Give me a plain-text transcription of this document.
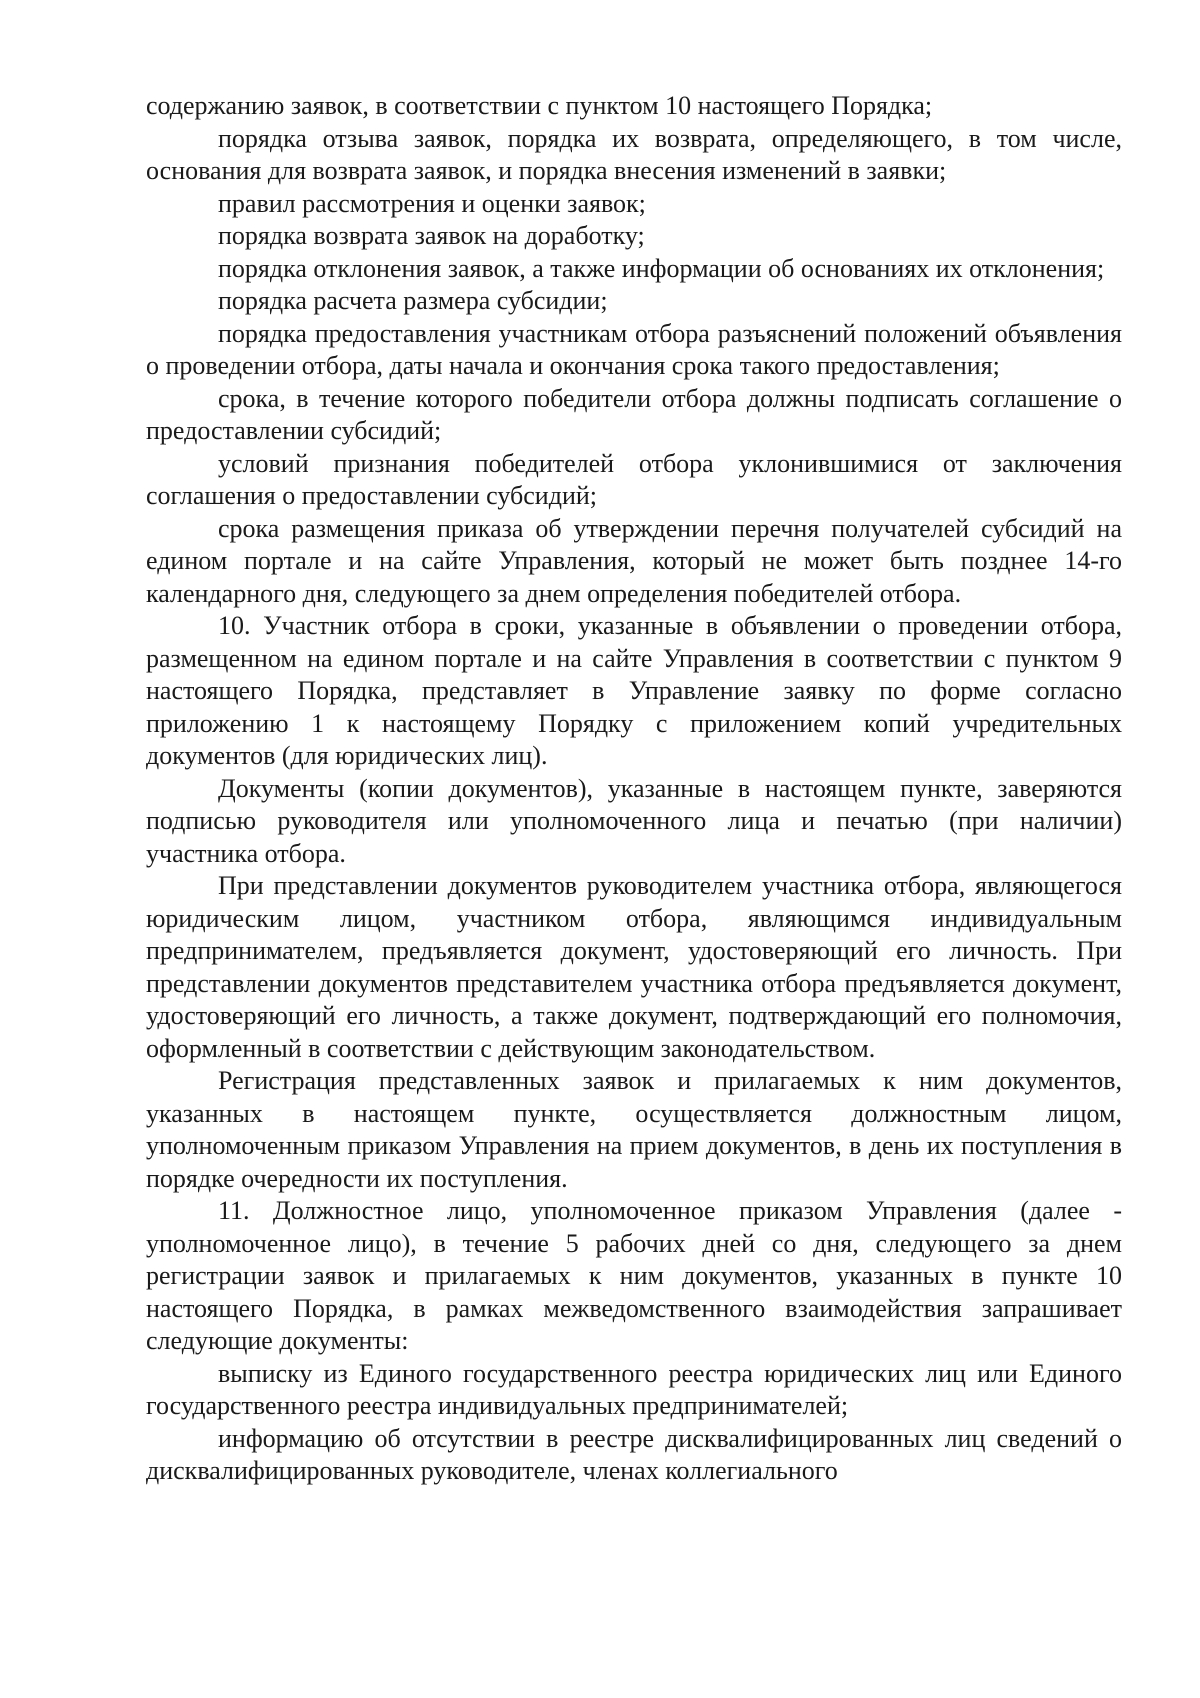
содержанию заявок, в соответствии с пунктом 10 настоящего Порядка;

порядка отзыва заявок, порядка их возврата, определяющего, в том числе, основания для возврата заявок, и порядка внесения изменений в заявки;

правил рассмотрения и оценки заявок;

порядка возврата заявок на доработку;

порядка отклонения заявок, а также информации об основаниях их отклонения;

порядка расчета размера субсидии;

порядка предоставления участникам отбора разъяснений положений объявления о проведении отбора, даты начала и окончания срока такого предоставления;

срока, в течение которого победители отбора должны подписать соглашение о предоставлении субсидий;

условий признания победителей отбора уклонившимися от заключения соглашения о предоставлении субсидий;

срока размещения приказа об утверждении перечня получателей субсидий на едином портале и на сайте Управления, который не может быть позднее 14-го календарного дня, следующего за днем определения победителей отбора.

10. Участник отбора в сроки, указанные в объявлении о проведении отбора, размещенном на едином портале и на сайте Управления в соответствии с пунктом 9 настоящего Порядка, представляет в Управление заявку по форме согласно приложению 1 к настоящему Порядку с приложением копий учредительных документов (для юридических лиц).

Документы (копии документов), указанные в настоящем пункте, заверяются подписью руководителя или уполномоченного лица и печатью (при наличии) участника отбора.

При представлении документов руководителем участника отбора, являющегося юридическим лицом, участником отбора, являющимся индивидуальным предпринимателем, предъявляется документ, удостоверяющий его личность. При представлении документов представителем участника отбора предъявляется документ, удостоверяющий его личность, а также документ, подтверждающий его полномочия, оформленный в соответствии с действующим законодательством.

Регистрация представленных заявок и прилагаемых к ним документов, указанных в настоящем пункте, осуществляется должностным лицом, уполномоченным приказом Управления на прием документов, в день их поступления в порядке очередности их поступления.

11. Должностное лицо, уполномоченное приказом Управления (далее - уполномоченное лицо), в течение 5 рабочих дней со дня, следующего за днем регистрации заявок и прилагаемых к ним документов, указанных в пункте 10 настоящего Порядка, в рамках межведомственного взаимодействия запрашивает следующие документы:

выписку из Единого государственного реестра юридических лиц или Единого государственного реестра индивидуальных предпринимателей;

информацию об отсутствии в реестре дисквалифицированных лиц сведений о дисквалифицированных руководителе, членах коллегиального
